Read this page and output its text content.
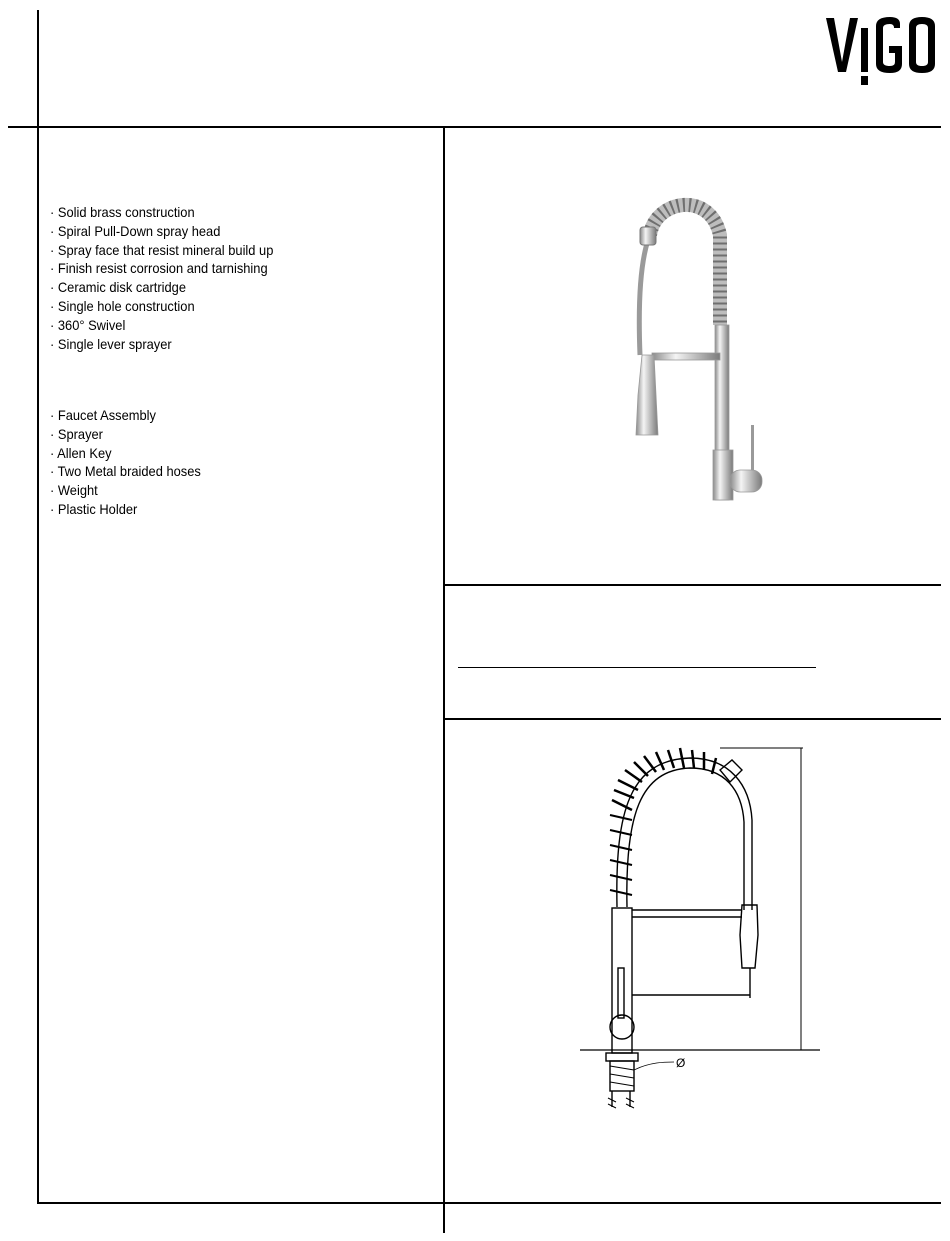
· Solid brass construction
· Spiral Pull-Down spray head
· Spray face that resist mineral build up
· Finish resist corrosion and tarnishing
· Ceramic disk cartridge
· Single hole construction
· 360° Swivel
· Single lever sprayer
· Faucet Assembly
· Sprayer
· Allen Key
· Two Metal braided hoses
· Weight
· Plastic Holder
Ø
